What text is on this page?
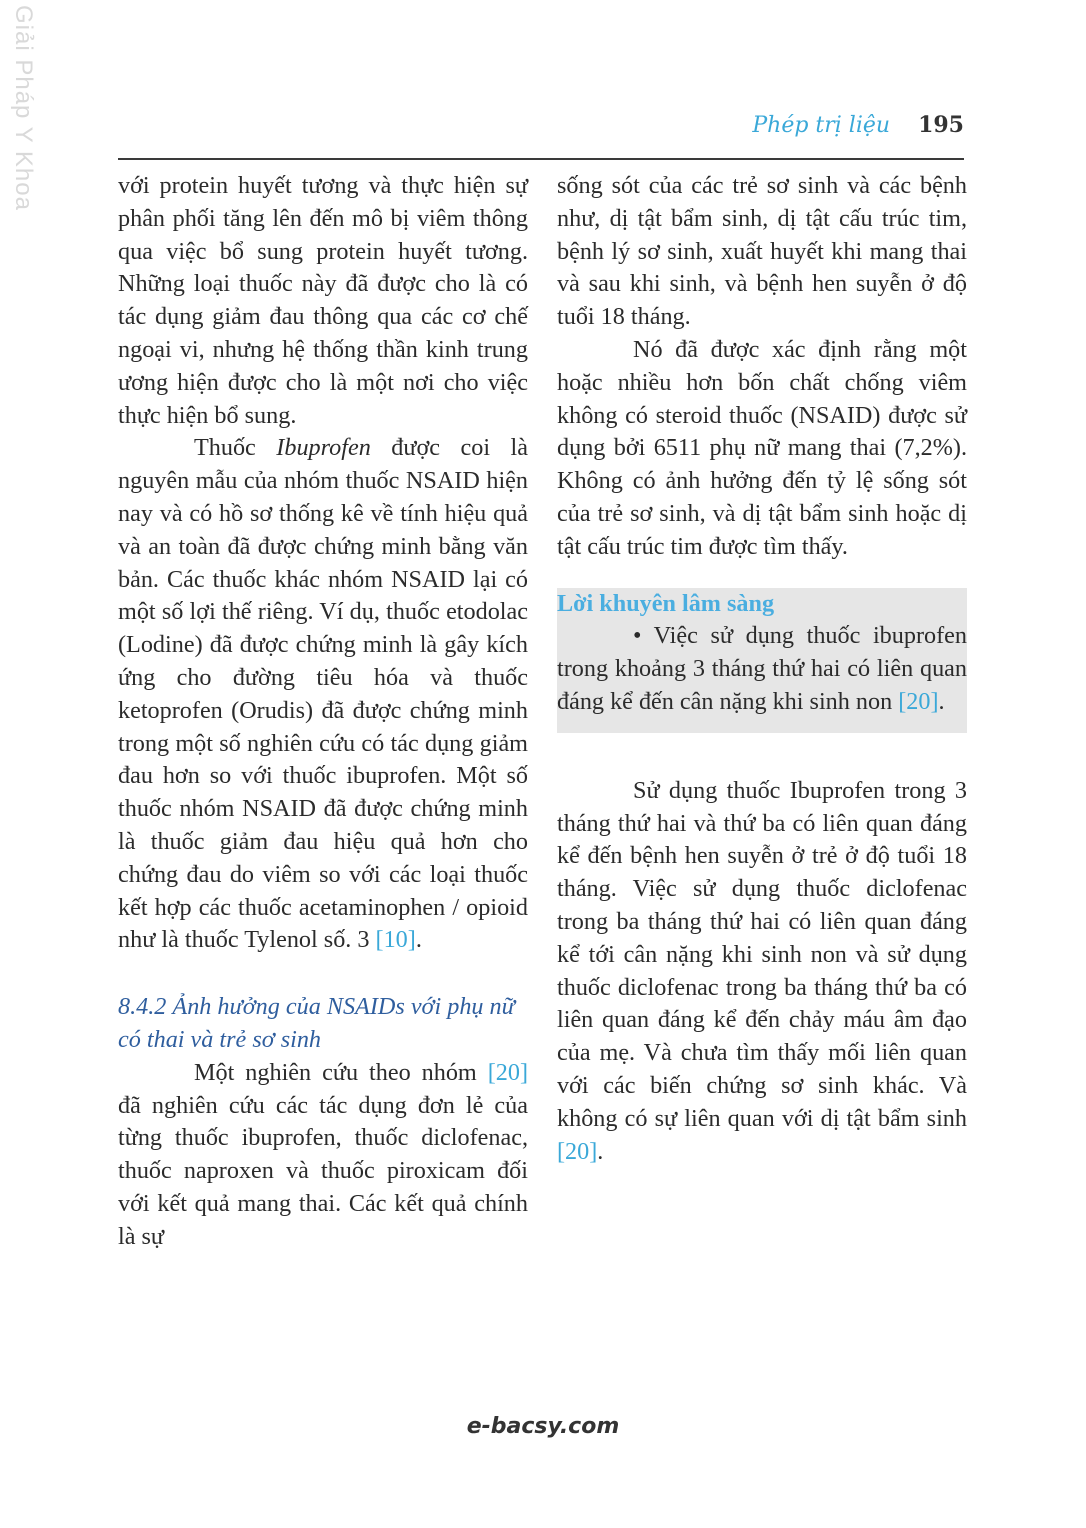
Giải Pháp Y Khoa	Phép trị liệu 195

với protein huyết tương và thực hiện sự phân phối tăng lên đến mô bị viêm thông qua việc bổ sung protein huyết tương. Những loại thuốc này đã được cho là có tác dụng giảm đau thông qua các cơ chế ngoại vi, nhưng hệ thống thần kinh trung ương hiện được cho là một nơi cho việc thực hiện bổ sung.

Thuốc Ibuprofen được coi là nguyên mẫu của nhóm thuốc NSAID hiện nay và có hồ sơ thống kê về tính hiệu quả và an toàn đã được chứng minh bằng văn bản. Các thuốc khác nhóm NSAID lại có một số lợi thế riêng. Ví dụ, thuốc etodolac (Lodine) đã được chứng minh là gây kích ứng cho đường tiêu hóa và thuốc ketoprofen (Orudis) đã được chứng minh trong một số nghiên cứu có tác dụng giảm đau hơn so với thuốc ibuprofen. Một số thuốc nhóm NSAID đã được chứng minh là thuốc giảm đau hiệu quả hơn cho chứng đau do viêm so với các loại thuốc kết hợp các thuốc acetaminophen / opioid như là thuốc Tylenol số. 3 [10].

8.4.2 Ảnh hưởng của NSAIDs với phụ nữ có thai và trẻ sơ sinh

Một nghiên cứu theo nhóm [20] đã nghiên cứu các tác dụng đơn lẻ của từng thuốc ibuprofen, thuốc diclofenac, thuốc naproxen và thuốc piroxicam đối với kết quả mang thai. Các kết quả chính là sự

sống sót của các trẻ sơ sinh và các bệnh như, dị tật bẩm sinh, dị tật cấu trúc tim, bệnh lý sơ sinh, xuất huyết khi mang thai và sau khi sinh, và bệnh hen suyễn ở độ tuổi 18 tháng.

Nó đã được xác định rằng một hoặc nhiều hơn bốn chất chống viêm không có steroid thuốc (NSAID) được sử dụng bởi 6511 phụ nữ mang thai (7,2%). Không có ảnh hưởng đến tỷ lệ sống sót của trẻ sơ sinh, và dị tật bẩm sinh hoặc dị tật cấu trúc tim được tìm thấy.

Lời khuyên lâm sàng

• Việc sử dụng thuốc ibuprofen trong khoảng 3 tháng thứ hai có liên quan đáng kể đến cân nặng khi sinh non [20].

Sử dụng thuốc Ibuprofen trong 3 tháng thứ hai và thứ ba có liên quan đáng kể đến bệnh hen suyễn ở trẻ ở độ tuổi 18 tháng. Việc sử dụng thuốc diclofenac trong ba tháng thứ hai có liên quan đáng kể tới cân nặng khi sinh non và sử dụng thuốc diclofenac trong ba tháng thứ ba có liên quan đáng kể đến chảy máu âm đạo của mẹ. Và chưa tìm thấy mối liên quan với các biến chứng sơ sinh khác. Và không có sự liên quan với dị tật bẩm sinh [20].

e-bacsy.com
